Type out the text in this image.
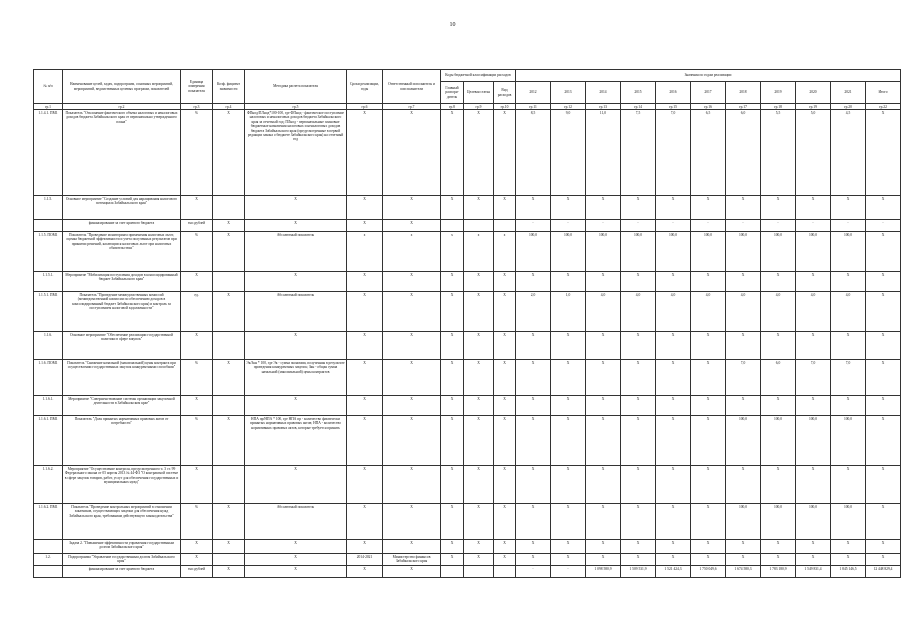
10
№ п/п	Наименование целей, задач, подпрограмм, основных мероприятий, мероприятий, ведомственных целевых программ, показателей	Единица измерения показателя	Коэф. фициент значимости	Методика расчета показателя	Сроки реализации, годы	Ответственный исполнитель и соисполнители	Коды бюджетной классификации расходов			Значения по годам реализации										
							Главный распоря-дитель	Целевая статья	Вид расходов	2012	2013	2014	2015	2016	2017	2018	2019	2020	2021	Итого
гр.1	гр.2	гр.3	гр.4	гр.5	гр.6	гр.7	гр.8	гр.9	гр.10	гр.11	гр.12	гр.13	гр.14	гр.15	гр.16	гр.17	гр.18	гр.19	гр.20	гр.22
1.1.4.1. ПМ1	Показатель "Отклонение фактического объема налоговых и неналоговых доходов бюджета Забайкальского края от первоначально утвержденного плана"	%	Х	ФПнод/ПЛнод*100-100, где ФПнод - фактическое поступление налоговых и неналоговых доходов бюджета Забайкальского края за отчетный год; ПЛнод - первоначальные плановые бюджетные назначения налоговых и неналоговых доходов бюджета Забайкальского края (предусмотренные в первой редакции закона о бюджете Забайкальского края) на отчетный год	Х	Х	Х	Х	Х	8,5	9,0	11,0	7,5	7,0	6,5	6,0	5,5	5,0	4,5	Х
1.1.5.	Основное мероприятие "Создание условий для наращивания налогового потенциала Забайкальского края"	Х		Х	Х	Х	Х	Х	Х	Х	Х	Х	Х	Х	Х	Х	Х	Х	Х	Х
	финансирование за счет краевого бюджета	тыс.рублей	Х	Х	Х	Х				-	-	-	-	-	-	-	-	-	-	-
1.1.5. ПОМ1	Показатель "Проведение мониторинга применения налоговых льгот, оценка бюджетной эффективности и учета полученных результатов при принятии решений, касающихся налоговых льгот при налоговых обязательствах"	%	Х	Абсолютный показатель	х	х	х	х	х	100,0	100,0	100,0	100,0	100,0	100,0	100,0	100,0	100,0	100,0	Х
1.1.5.1.	Мероприятие "Мобилизация поступления доходов в консолидированный бюджет Забайкальского края"	Х		Х	Х	Х	Х	Х	Х	Х	Х	Х	Х	Х	Х	Х	Х	Х	Х	Х
1.1.5.1. ПМ1	Показатель "Проведение межведомственных комиссий (межведомственной комиссии по обеспечению доходов в консолидированный бюджет Забайкальского края) и контроль за поступлением налоговой задолженности"	ед.	Х	Абсолютный показатель	Х	Х	Х	Х	Х	2,0	1,0	4,0	4,0	4,0	4,0	4,0	4,0	4,0	4,0	Х
1.1.6.	Основное мероприятие "Обеспечение реализации государственной политики в сфере закупок"	Х		Х	Х	Х	Х	Х	Х	Х	Х	Х	Х	Х	Х	Х	Х	Х	Х	Х
1.1.6. ПОМ1	Показатель "Снижение начальной (максимальной) цены контракта при осуществлении государственных закупок конкурентными способами"	%	Х	Эк/Зкн * 100, где Эк - сумма экономии, полученная в результате проведения конкурентных закупок; Зкн - общая сумма начальной (максимальной) цены контрактов	Х	Х	Х	Х	Х	Х	Х	Х	Х	Х	Х	7,0	6,0	7,0	7,0	Х
1.1.6.1.	Мероприятие "Совершенствование системы организации закупочной деятельности в Забайкальском крае"	Х		Х	Х	Х	Х	Х	Х	Х	Х	Х	Х	Х	Х	Х	Х	Х	Х	Х
1.1.6.1. ПМ1	Показатель "Доля принятых нормативных правовых актов от потребности"	%	Х	НПА пр/НПА * 100, где НПА пр - количество фактически принятых нормативных правовых актов; НПА - количество нормативных правовых актов, которые требуется принять	Х	Х	Х	Х	Х	Х	Х	Х	Х	Х	Х	100,0	100,0	100,0	100,0	Х
1.1.6.2.	Мероприятие "Осуществление контроля, предусмотренного ч. 3 ст. 99 Федерального закона от 05 апреля 2013 № 44-ФЗ "О контрактной системе в сфере закупок товаров, работ, услуг для обеспечения государственных и муниципальных нужд"	Х		Х	Х	Х	Х	Х	Х	Х	Х	Х	Х	Х	Х	Х	Х	Х	Х	Х
1.1.6.2. ПМ1	Показатель "Проведение контрольных мероприятий в отношении заказчиков, осуществляющих закупки для обеспечения нужд Забайкальского края, требованиям действующего законодательства"	%	Х	Абсолютный показатель	Х	Х	Х	Х	Х	Х	Х	Х	Х	Х	Х	100,0	100,0	100,0	100,0	Х
	Задача 2. "Повышение эффективности управления государственным долгом Забайкальского края"	Х	Х	Х	Х	Х	Х	Х	Х	Х	Х	Х	Х	Х	Х	Х	Х	Х	Х	Х
1.2.	Подпрограмма "Управление государственным долгом Забайкальского края"	Х		Х	2014-2021	Министерство финансов Забайкальского края	Х	Х	Х	Х	Х	Х	Х	Х	Х	Х	Х	Х	Х	Х
	финансирование за счет краевого бюджета	тыс.рублей	Х	Х	Х	Х				-	-	1 098 580,9	1 509 531,9	1 521 424,3	1 750 049,6	1 674 580,3	1 783 180,9	1 549 831,4	1 845 146,5	12 448 829,4
